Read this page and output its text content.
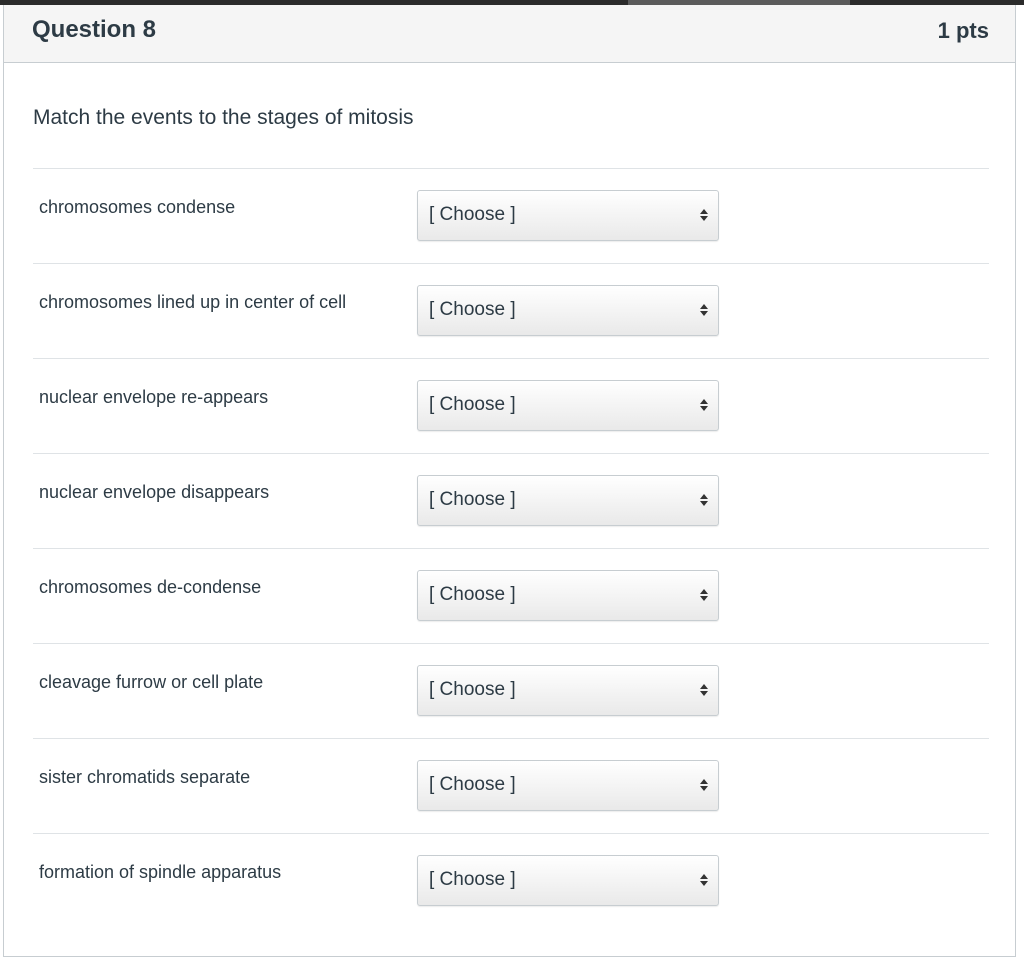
Question 8	1 pts
Match the events to the stages of mitosis
chromosomes condense	[ Choose ]
chromosomes lined up in center of cell	[ Choose ]
nuclear envelope re-appears	[ Choose ]
nuclear envelope disappears	[ Choose ]
chromosomes de-condense	[ Choose ]
cleavage furrow or cell plate	[ Choose ]
sister chromatids separate	[ Choose ]
formation of spindle apparatus	[ Choose ]
